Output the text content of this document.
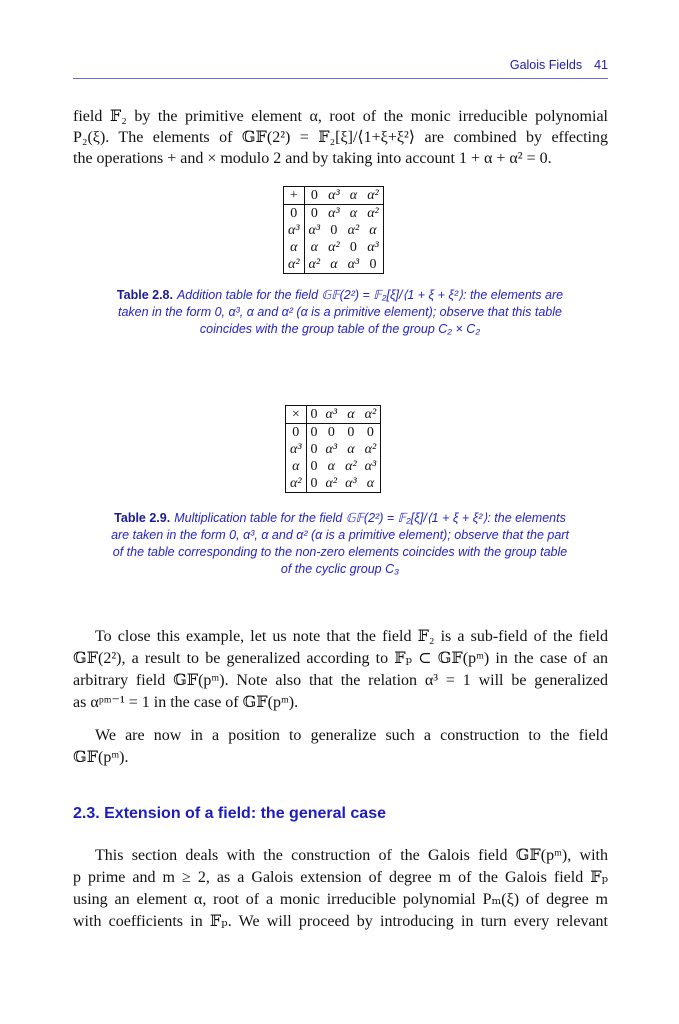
Galois Fields 41
field 𝔽₂ by the primitive element α, root of the monic irreducible polynomial
P₂(ξ). The elements of 𝔾𝔽(2²) = 𝔽₂[ξ]/⟨1+ξ+ξ²⟩ are combined by effecting
the operations + and × modulo 2 and by taking into account 1 + α + α² = 0.
+	0	α³	α	α²
0	0	α³	α	α²
α³	α³	0	α²	α
α	α	α²	0	α³
α²	α²	α	α³	0
Table 2.8. Addition table for the field 𝔾𝔽(2²) = 𝔽₂[ξ]/⟨1 + ξ + ξ²⟩: the elements are taken in the form 0, α³, α and α² (α is a primitive element); observe that this table coincides with the group table of the group C₂ × C₂
×	0	α³	α	α²
0	0	0	0	0
α³	0	α³	α	α²
α	0	α	α²	α³
α²	0	α²	α³	α
Table 2.9. Multiplication table for the field 𝔾𝔽(2²) = 𝔽₂[ξ]/⟨1 + ξ + ξ²⟩: the elements are taken in the form 0, α³, α and α² (α is a primitive element); observe that the part of the table corresponding to the non-zero elements coincides with the group table of the cyclic group C₃
To close this example, let us note that the field 𝔽₂ is a sub-field of the field
𝔾𝔽(2²), a result to be generalized according to 𝔽ₚ ⊂ 𝔾𝔽(pᵐ) in the case of an
arbitrary field 𝔾𝔽(pᵐ). Note also that the relation α³ = 1 will be generalized
as αᵖᵐ⁻¹ = 1 in the case of 𝔾𝔽(pᵐ).
We are now in a position to generalize such a construction to the field
𝔾𝔽(pᵐ).
2.3. Extension of a field: the general case
This section deals with the construction of the Galois field 𝔾𝔽(pᵐ), with
p prime and m ≥ 2, as a Galois extension of degree m of the Galois field 𝔽ₚ
using an element α, root of a monic irreducible polynomial Pₘ(ξ) of degree m
with coefficients in 𝔽ₚ. We will proceed by introducing in turn every relevant
